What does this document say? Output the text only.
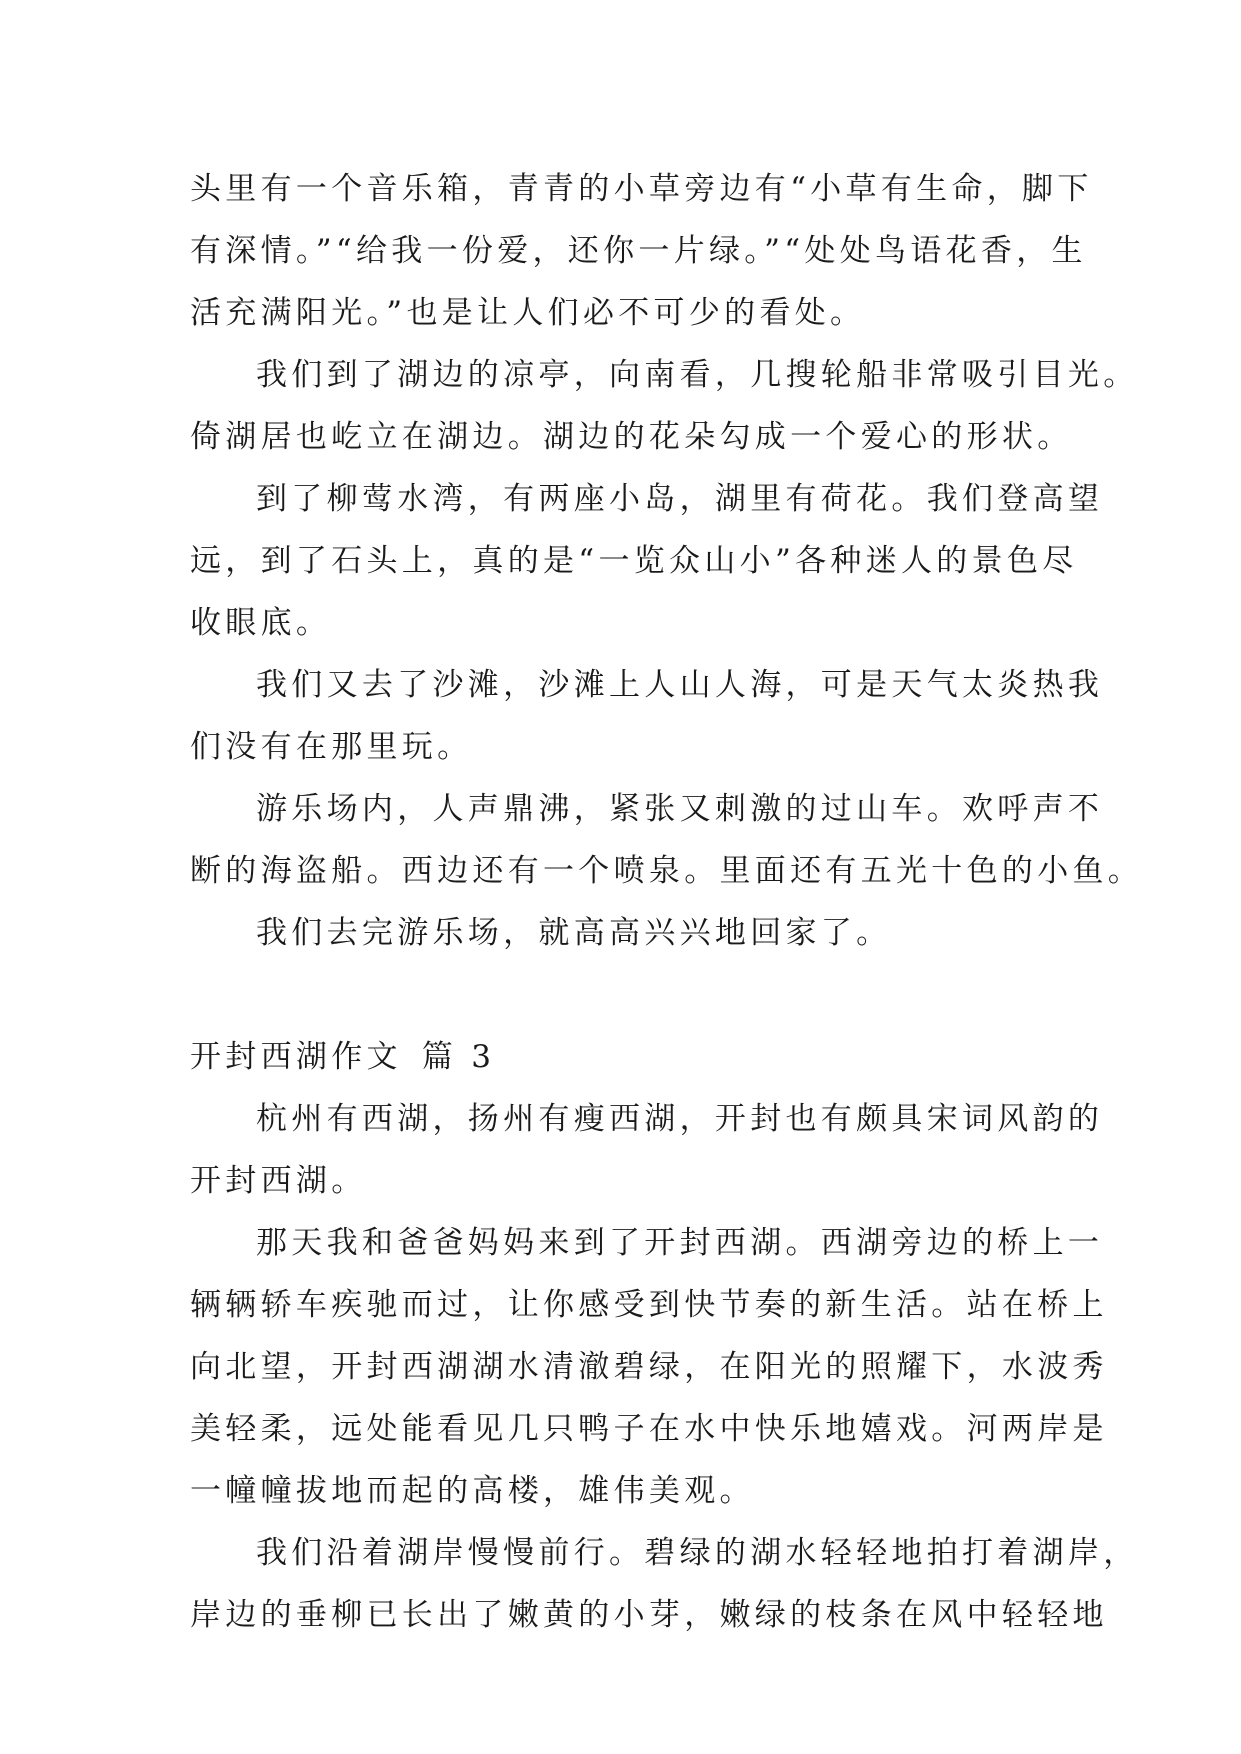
头里有一个音乐箱，青青的小草旁边有“小草有生命，脚下
有深情。”“给我一份爱，还你一片绿。”“处处鸟语花香，生
活充满阳光。”也是让人们必不可少的看处。

我们到了湖边的凉亭，向南看，几搜轮船非常吸引目光。
倚湖居也屹立在湖边。湖边的花朵勾成一个爱心的形状。

到了柳莺水湾，有两座小岛，湖里有荷花。我们登高望
远，到了石头上，真的是“一览众山小”各种迷人的景色尽
收眼底。

我们又去了沙滩，沙滩上人山人海，可是天气太炎热我
们没有在那里玩。

游乐场内，人声鼎沸，紧张又刺激的过山车。欢呼声不
断的海盗船。西边还有一个喷泉。里面还有五光十色的小鱼。

我们去完游乐场，就高高兴兴地回家了。

开封西湖作文 篇 3

杭州有西湖，扬州有瘦西湖，开封也有颇具宋词风韵的
开封西湖。

那天我和爸爸妈妈来到了开封西湖。西湖旁边的桥上一
辆辆轿车疾驰而过，让你感受到快节奏的新生活。站在桥上
向北望，开封西湖湖水清澈碧绿，在阳光的照耀下，水波秀
美轻柔，远处能看见几只鸭子在水中快乐地嬉戏。河两岸是
一幢幢拔地而起的高楼，雄伟美观。

我们沿着湖岸慢慢前行。碧绿的湖水轻轻地拍打着湖岸，
岸边的垂柳已长出了嫩黄的小芽，嫩绿的枝条在风中轻轻地
